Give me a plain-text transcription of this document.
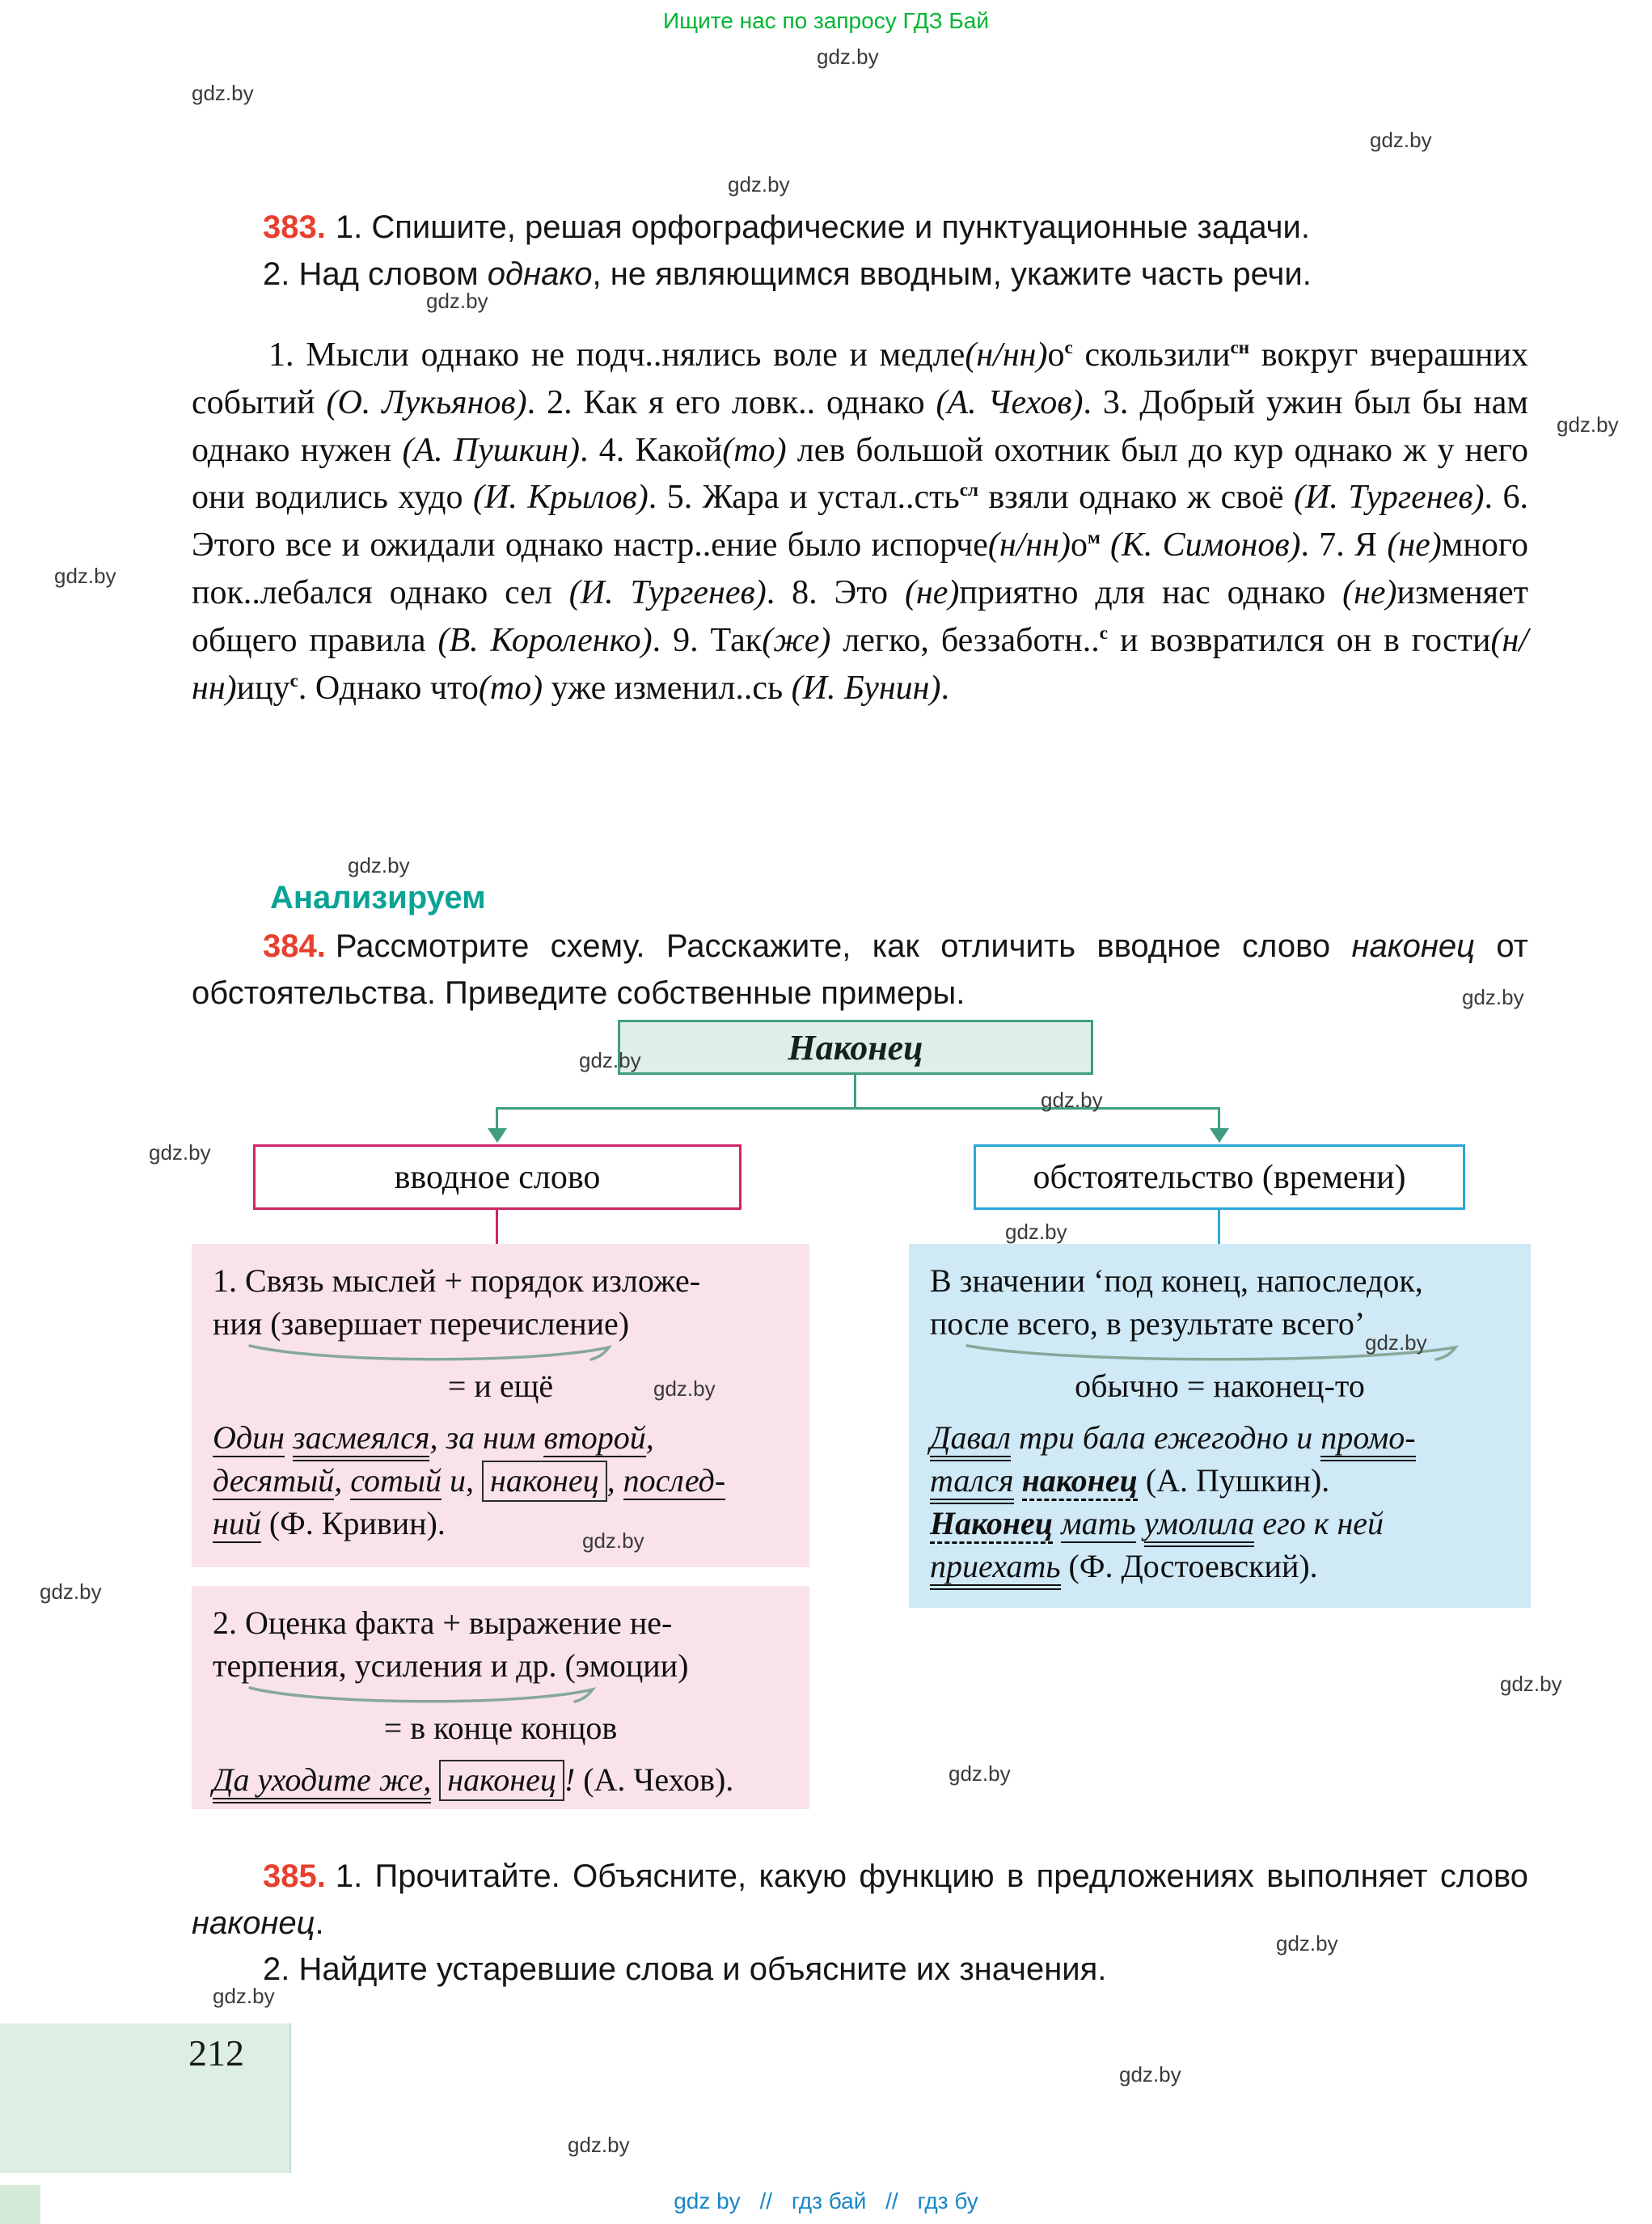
Ищите нас по запросу ГДЗ Бай
gdz.by
gdz.by
gdz.by
gdz.by
gdz.by
gdz.by
gdz.by
gdz.by
gdz.by
gdz.by
gdz.by
gdz.by
gdz.by
gdz.by
gdz.by
gdz.by
gdz.by
gdz.by
gdz.by
gdz.by
gdz.by
gdz.by
gdz.by

383. 1. Спишите, решая орфографические и пунктуационные задачи.

2. Над словом однако, не являющимся вводным, укажите часть речи.

1. Мысли однако не подч..нялись воле и $медле(н/нн)о^с$ скользили$^{сн}$ вокруг вчерашних событий (О. Лукьянов). 2. Как я его ловк.. однако (А. Чехов). 3. Добрый ужин был бы нам однако нужен (А. Пушкин). 4. Какой(то) лев большой охотник был до кур однако ж у него они водились худо (И. Крылов). 5. Жара и устал..сть$^{сл}$ взяли однако ж своё (И. Тургенев). 6. Этого все и ожидали однако настр..ение было $испорче(н/нн)о^м$ (К. Симонов). 7. Я (не)много пок..лебался однако сел (И. Тургенев). 8. Это (не)приятно для нас однако (не)изменяет общего правила (В. Короленко). 9. Так(же) легко, беззаботн..$^с$ и возвратился он в гости(н/нн)ицу$^с$. Однако что(то) уже изменил..сь (И. Бунин).

Анализируем

384. Рассмотрите схему. Расскажите, как отличить вводное слово наконец от обстоятельства. Приведите собственные примеры.

Наконец
вводное слово	обстоятельство (времени)
1. Связь мыслей + порядок изложе-
ния (завершает перечисление)
= и ещё
Один засмеялся, за ним второй,
десятый, сотый и, наконец , послед-
ний (Ф. Кривин).
2. Оценка факта + выражение не-
терпения, усиления и др. (эмоции)
= в конце концов
Да уходите же, наконец ! (А. Чехов).
В значении ‘под конец, напоследок,
после всего, в результате всего’
обычно = наконец-то
Давал три бала ежегодно и промо-
тался наконец (А. Пушкин).
Наконец мать умолила его к ней
приехать (Ф. Достоевский).

385. 1. Прочитайте. Объясните, какую функцию в предложениях выполняет слово наконец.

2. Найдите устаревшие слова и объясните их значения.

212
gdz by // гдз бай // гдз бу
